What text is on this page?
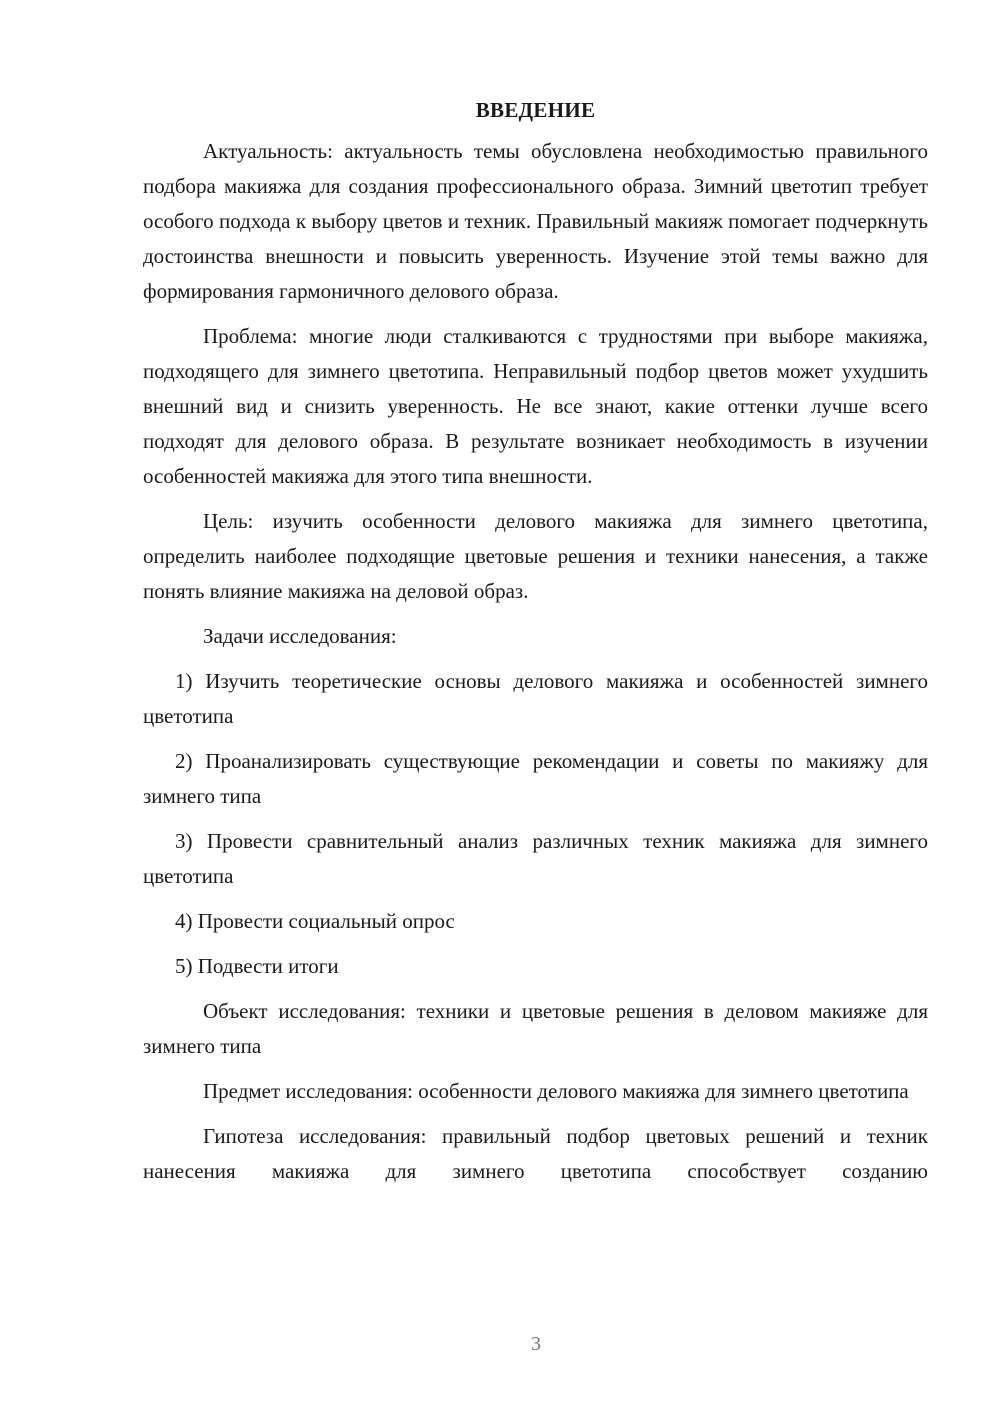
ВВЕДЕНИЕ

Актуальность: актуальность темы обусловлена необходимостью правильного подбора макияжа для создания профессионального образа. Зимний цветотип требует особого подхода к выбору цветов и техник. Правильный макияж помогает подчеркнуть достоинства внешности и повысить уверенность. Изучение этой темы важно для формирования гармоничного делового образа.

Проблема: многие люди сталкиваются с трудностями при выборе макияжа, подходящего для зимнего цветотипа. Неправильный подбор цветов может ухудшить внешний вид и снизить уверенность. Не все знают, какие оттенки лучше всего подходят для делового образа. В результате возникает необходимость в изучении особенностей макияжа для этого типа внешности.

Цель: изучить особенности делового макияжа для зимнего цветотипа, определить наиболее подходящие цветовые решения и техники нанесения, а также понять влияние макияжа на деловой образ.

Задачи исследования:

1) Изучить теоретические основы делового макияжа и особенностей зимнего цветотипа

2) Проанализировать существующие рекомендации и советы по макияжу для зимнего типа

3) Провести сравнительный анализ различных техник макияжа для зимнего цветотипа

4) Провести социальный опрос

5) Подвести итоги

Объект исследования: техники и цветовые решения в деловом макияже для зимнего типа

Предмет исследования: особенности делового макияжа для зимнего цветотипа

Гипотеза исследования: правильный подбор цветовых решений и техник нанесения макияжа для зимнего цветотипа способствует созданию

3
